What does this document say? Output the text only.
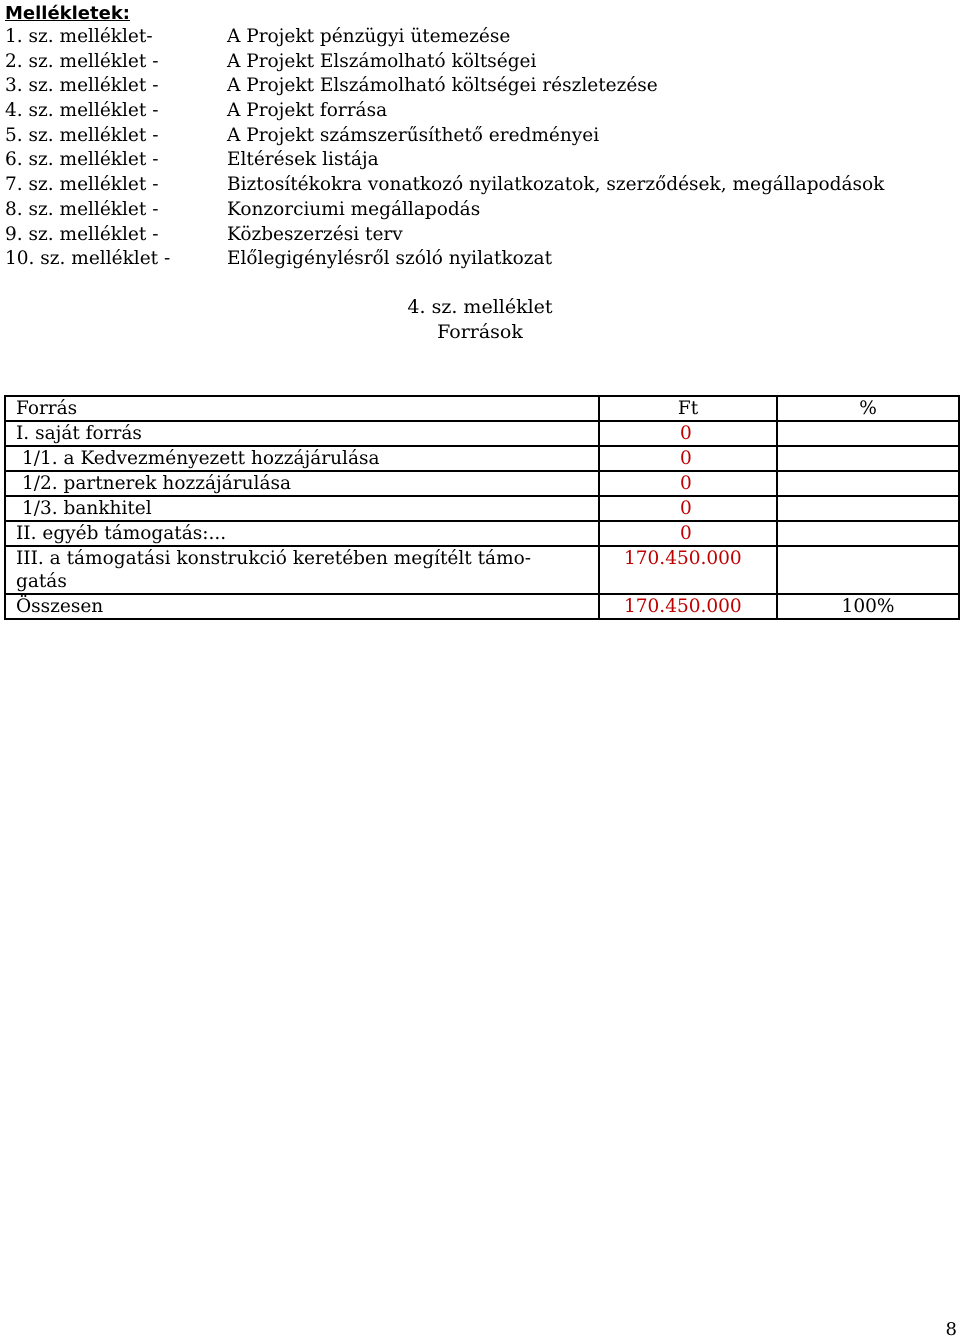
Mellékletek:
1. sz. melléklet-	A Projekt pénzügyi ütemezése
2. sz. melléklet -	A Projekt Elszámolható költségei
3. sz. melléklet -	A Projekt Elszámolható költségei részletezése
4. sz. melléklet -	A Projekt forrása
5. sz. melléklet -	A Projekt számszerűsíthető eredményei
6. sz. melléklet -	Eltérések listája
7. sz. melléklet -	Biztosítékokra vonatkozó nyilatkozatok, szerződések, megállapodások
8. sz. melléklet -	Konzorciumi megállapodás
9. sz. melléklet -	Közbeszerzési terv
10. sz. melléklet -	Előlegigénylésről szóló nyilatkozat
4. sz. melléklet
Források
Forrás	Ft	%
I. saját forrás	0	
1/1. a Kedvezményezett hozzájárulása	0	
1/2. partnerek hozzájárulása	0	
1/3. bankhitel	0	
II. egyéb támogatás:...	0	
III. a támogatási konstrukció keretében megítélt támo-gatás	170.450.000	
Összesen	170.450.000	100%
8
